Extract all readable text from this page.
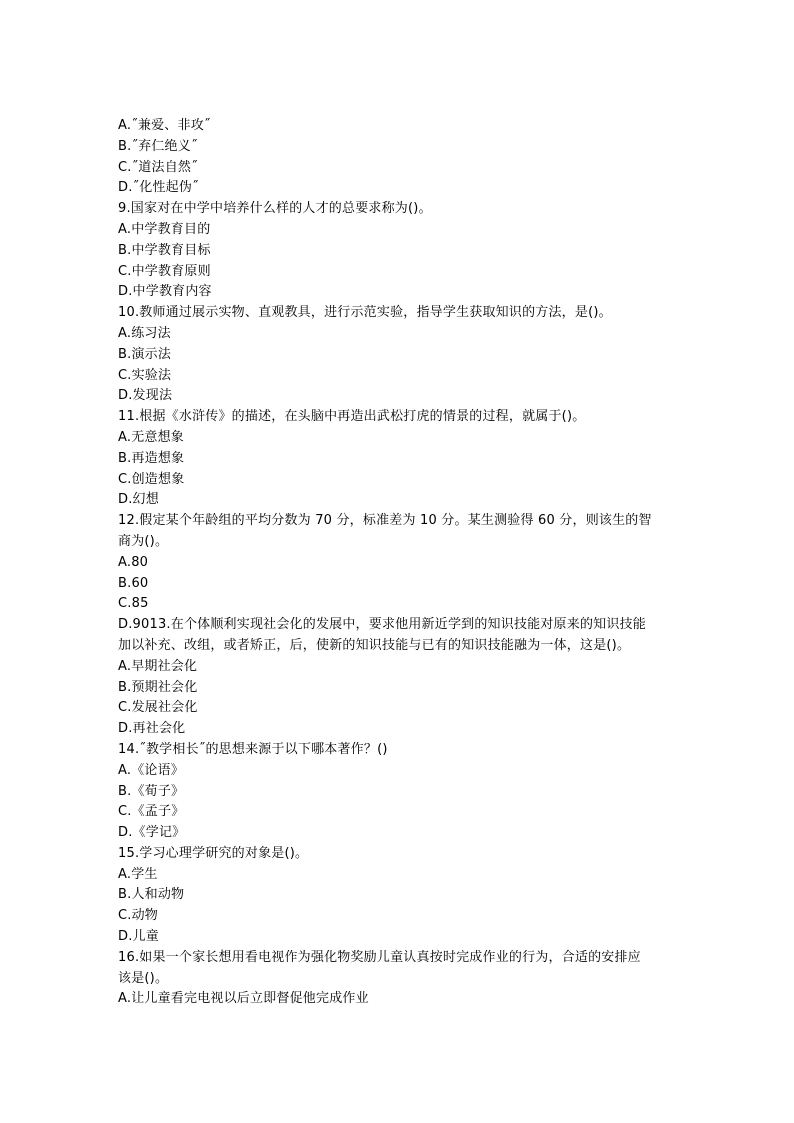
A.˝兼爱、非攻˝
B.˝弃仁绝义˝
C.˝道法自然˝
D.˝化性起伪˝
9.国家对在中学中培养什么样的人才的总要求称为()。
A.中学教育目的
B.中学教育目标
C.中学教育原则
D.中学教育内容
10.教师通过展示实物、直观教具，进行示范实验，指导学生获取知识的方法，是()。
A.练习法
B.演示法
C.实验法
D.发现法
11.根据《水浒传》的描述，在头脑中再造出武松打虎的情景的过程，就属于()。
A.无意想象
B.再造想象
C.创造想象
D.幻想
12.假定某个年龄组的平均分数为 70 分，标准差为 10 分。某生测验得 60 分，则该生的智
商为()。
A.80
B.60
C.85
D.9013.在个体顺利实现社会化的发展中，要求他用新近学到的知识技能对原来的知识技能
加以补充、改组，或者矫正，后，使新的知识技能与已有的知识技能融为一体，这是()。
A.早期社会化
B.预期社会化
C.发展社会化
D.再社会化
14.˝教学相长˝的思想来源于以下哪本著作？()
A.《论语》
B.《荀子》
C.《孟子》
D.《学记》
15.学习心理学研究的对象是()。
A.学生
B.人和动物
C.动物
D.儿童
16.如果一个家长想用看电视作为强化物奖励儿童认真按时完成作业的行为，合适的安排应
该是()。
A.让儿童看完电视以后立即督促他完成作业
